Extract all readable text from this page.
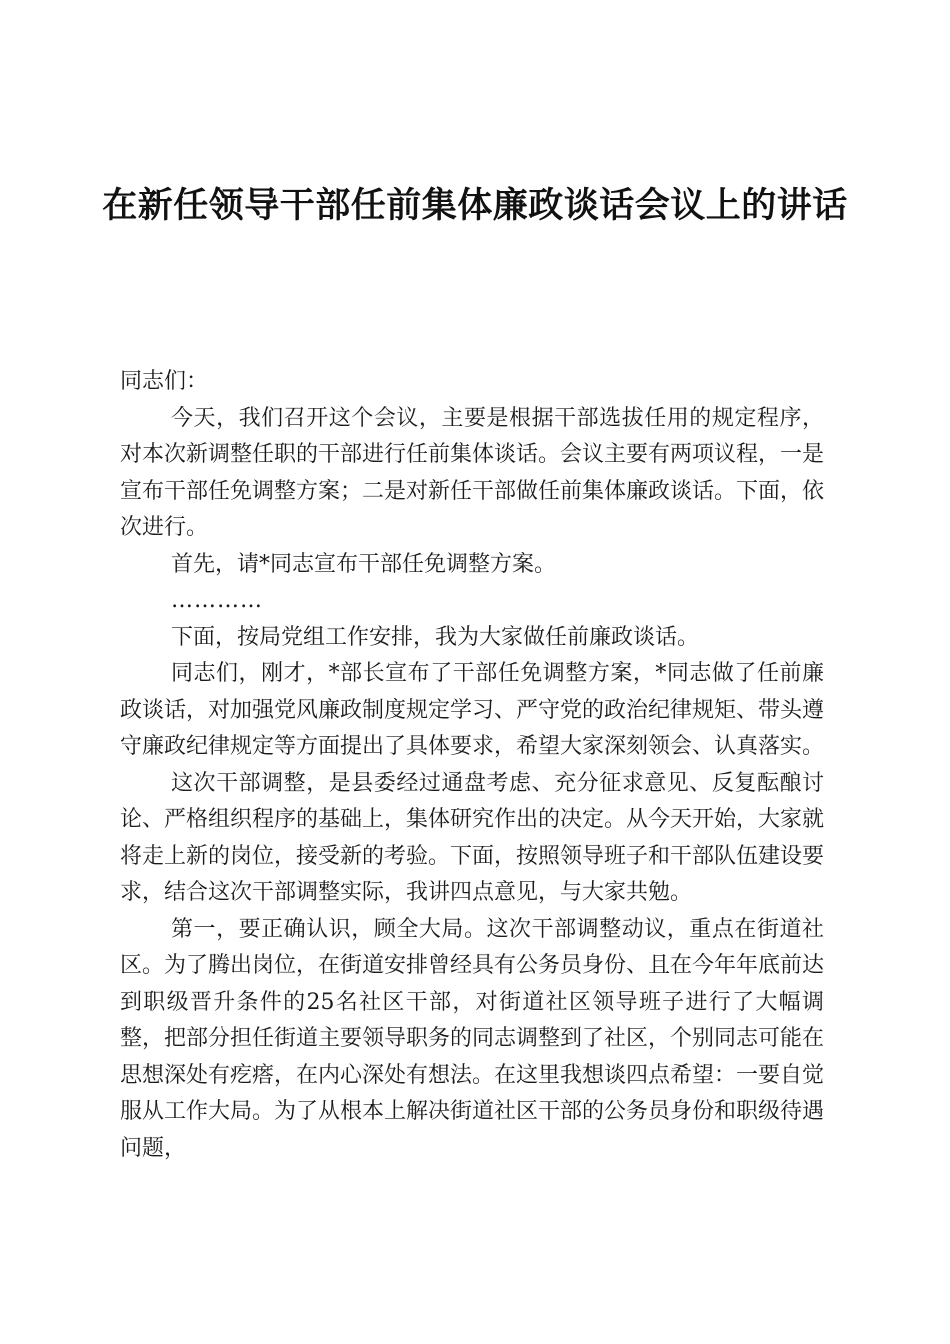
在新任领导干部任前集体廉政谈话会议上的讲话

同志们：

今天，我们召开这个会议，主要是根据干部选拔任用的规定程序，对本次新调整任职的干部进行任前集体谈话。会议主要有两项议程，一是宣布干部任免调整方案；二是对新任干部做任前集体廉政谈话。下面，依次进行。

首先，请*同志宣布干部任免调整方案。

…………

下面，按局党组工作安排，我为大家做任前廉政谈话。

同志们，刚才，*部长宣布了干部任免调整方案，*同志做了任前廉政谈话，对加强党风廉政制度规定学习、严守党的政治纪律规矩、带头遵守廉政纪律规定等方面提出了具体要求，希望大家深刻领会、认真落实。

这次干部调整，是县委经过通盘考虑、充分征求意见、反复酝酿讨论、严格组织程序的基础上，集体研究作出的决定。从今天开始，大家就将走上新的岗位，接受新的考验。下面，按照领导班子和干部队伍建设要求，结合这次干部调整实际，我讲四点意见，与大家共勉。

第一，要正确认识，顾全大局。这次干部调整动议，重点在街道社区。为了腾出岗位，在街道安排曾经具有公务员身份、且在今年年底前达到职级晋升条件的25名社区干部，对街道社区领导班子进行了大幅调整，把部分担任街道主要领导职务的同志调整到了社区，个别同志可能在思想深处有疙瘩，在内心深处有想法。在这里我想谈四点希望：一要自觉服从工作大局。为了从根本上解决街道社区干部的公务员身份和职级待遇问题，
